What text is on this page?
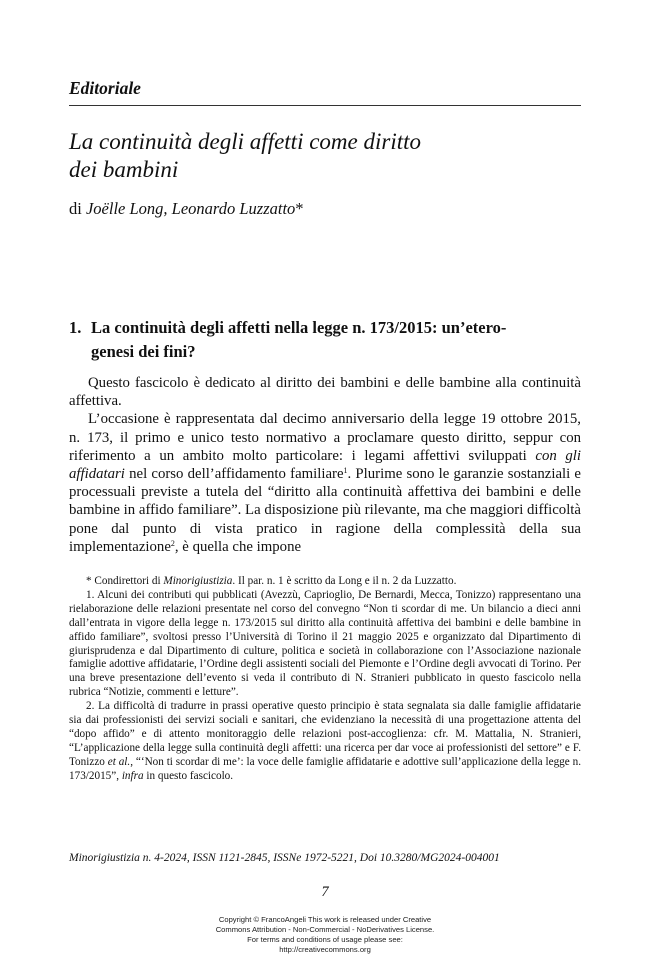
Editoriale
La continuità degli affetti come diritto
dei bambini
di Joëlle Long, Leonardo Luzzatto*
1. La continuità degli affetti nella legge n. 173/2015: un’etero-
genesi dei fini?

Questo fascicolo è dedicato al diritto dei bambini e delle bambine alla continuità affettiva.

L’occasione è rappresentata dal decimo anniversario della legge 19 ottobre 2015, n. 173, il primo e unico testo normativo a proclamare questo diritto, seppur con riferimento a un ambito molto particolare: i legami affettivi sviluppati con gli affidatari nel corso dell’affidamento familiare$^1$. Plurime sono le garanzie sostanziali e processuali previste a tutela del “diritto alla continuità affettiva dei bambini e delle bambine in affido familiare”. La disposizione più rilevante, ma che maggiori difficoltà pone dal punto di vista pratico in ragione della complessità della sua implementazione$^2$, è quella che impone

* Condirettori di Minorigiustizia. Il par. n. 1 è scritto da Long e il n. 2 da Luzzatto.

1. Alcuni dei contributi qui pubblicati (Avezzù, Caprioglio, De Bernardi, Mecca, Tonizzo) rappresentano una rielaborazione delle relazioni presentate nel corso del convegno “Non ti scordar di me. Un bilancio a dieci anni dall’entrata in vigore della legge n. 173/2015 sul diritto alla continuità affettiva dei bambini e delle bambine in affido familiare”, svoltosi presso l’Università di Torino il 21 maggio 2025 e organizzato dal Dipartimento di giurisprudenza e dal Dipartimento di culture, politica e società in collaborazione con l’Associazione nazionale famiglie adottive affidatarie, l’Ordine degli assistenti sociali del Piemonte e l’Ordine degli avvocati di Torino. Per una breve presentazione dell’evento si veda il contributo di N. Stranieri pubblicato in questo fascicolo nella rubrica “Notizie, commenti e letture”.

2. La difficoltà di tradurre in prassi operative questo principio è stata segnalata sia dalle famiglie affidatarie sia dai professionisti dei servizi sociali e sanitari, che evidenziano la necessità di una progettazione attenta del “dopo affido” e di attento monitoraggio delle relazioni post-accoglienza: cfr. M. Mattalia, N. Stranieri, “L’applicazione della legge sulla continuità degli affetti: una ricerca per dar voce ai professionisti del settore” e F. Tonizzo et al., “‘Non ti scordar di me’: la voce delle famiglie affidatarie e adottive sull’applicazione della legge n. 173/2015”, infra in questo fascicolo.

Minorigiustizia n. 4-2024, ISSN 1121-2845, ISSNe 1972-5221, Doi 10.3280/MG2024-004001
7
Copyright © FrancoAngeli This work is released under Creative
Commons Attribution - Non-Commercial - NoDerivatives License.
For terms and conditions of usage please see:
http://creativecommons.org
